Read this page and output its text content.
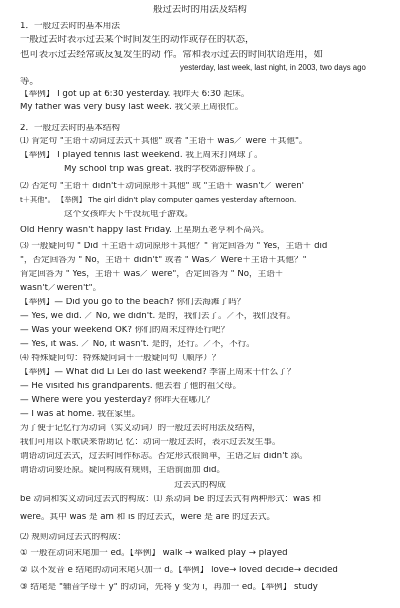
般过去时的用法及结构
1．一般过去时的基本用法
一般过去时表示过去某个时间发生的动作或存在的状态，
也可表示过去经常或反复发生的动 作。常和表示过去的时间状语连用，如
yesterday, last week, last night, in 2003, two days ago
等。
【举例】 I got up at 6:30 yesterday. 我昨天 6:30 起床。
My father was very busy last week. 我父亲上周很忙。
2．一般过去时的基本结构
⑴ 肯定句 "主语＋动词过去式＋其他" 或者 "主语＋ was／ were ＋其他"。
【举例】 I played tennis last weekend. 我上周末打网球了。
My school trip was great. 我的学校郊游棒极了。
⑵ 否定句 "主语＋ didn't＋动词原形＋其他" 或 "主语＋ wasn't／ weren'
t＋其他"。 【举例】 The girl didn't play computer games yesterday afternoon.
这个女孩昨天下午没玩电子游戏。
Old Henry wasn't happy last Friday. 上星期五老亨利不高兴。
⑶ 一般疑问句 " Did ＋主语＋动词原形＋其他？" 肯定回答为 " Yes，主语＋ did
"，否定回答为 " No，主语＋ didn't" 或者 " Was／ Were＋主语＋其他？"
肯定回答为 " Yes，主语＋ was／ were"，否定回答为 " No，主语＋
wasn't／weren't"。
【举例】— Did you go to the beach? 你们去海滩了吗？
— Yes, we did. ／ No, we didn't. 是的，我们去了。／不，我们没有。
— Was your weekend OK? 你们的周末过得还行吧？
— Yes, it was. ／ No, it wasn't. 是的，还行。／不，不行。
⑷ 特殊疑问句：特殊疑问词＋一般疑问句（顺序）？
【举例】— What did Li Lei do last weekend? 李雷上周末干什么了？
— He visited his grandparents. 他去看了他的祖父母。
— Where were you yesterday? 你昨天在哪儿？
— I was at home. 我在家里。
为了便于记忆行为动词（实义动词）的一般过去时用法及结构，
我们可用以下歌诀来帮助记 忆：动词一般过去时，表示过去发生事。
谓语动词过去式，过去时间作标志。否定形式很简单，主语之后 didn't 添。
谓语动词要还原。疑问构成有规则，主语前面加 did。
过去式的构成
be 动词和实义动词过去式的构成：⑴ 系动词 be 的过去式有两种形式：was 和
were。其中 was 是 am 和 is 的过去式，were 是 are 的过去式。
⑵ 规则动词过去式的构成：
① 一般在动词末尾加一 ed。【举例】 walk → walked play → played
② 以不发音 e 结尾的动词末尾只加一 d。【举例】 love→ loved decide→ decided
③ 结尾是 "辅音字母＋ y" 的动词，先将 y 变为 i，再加一 ed。【举例】 study
